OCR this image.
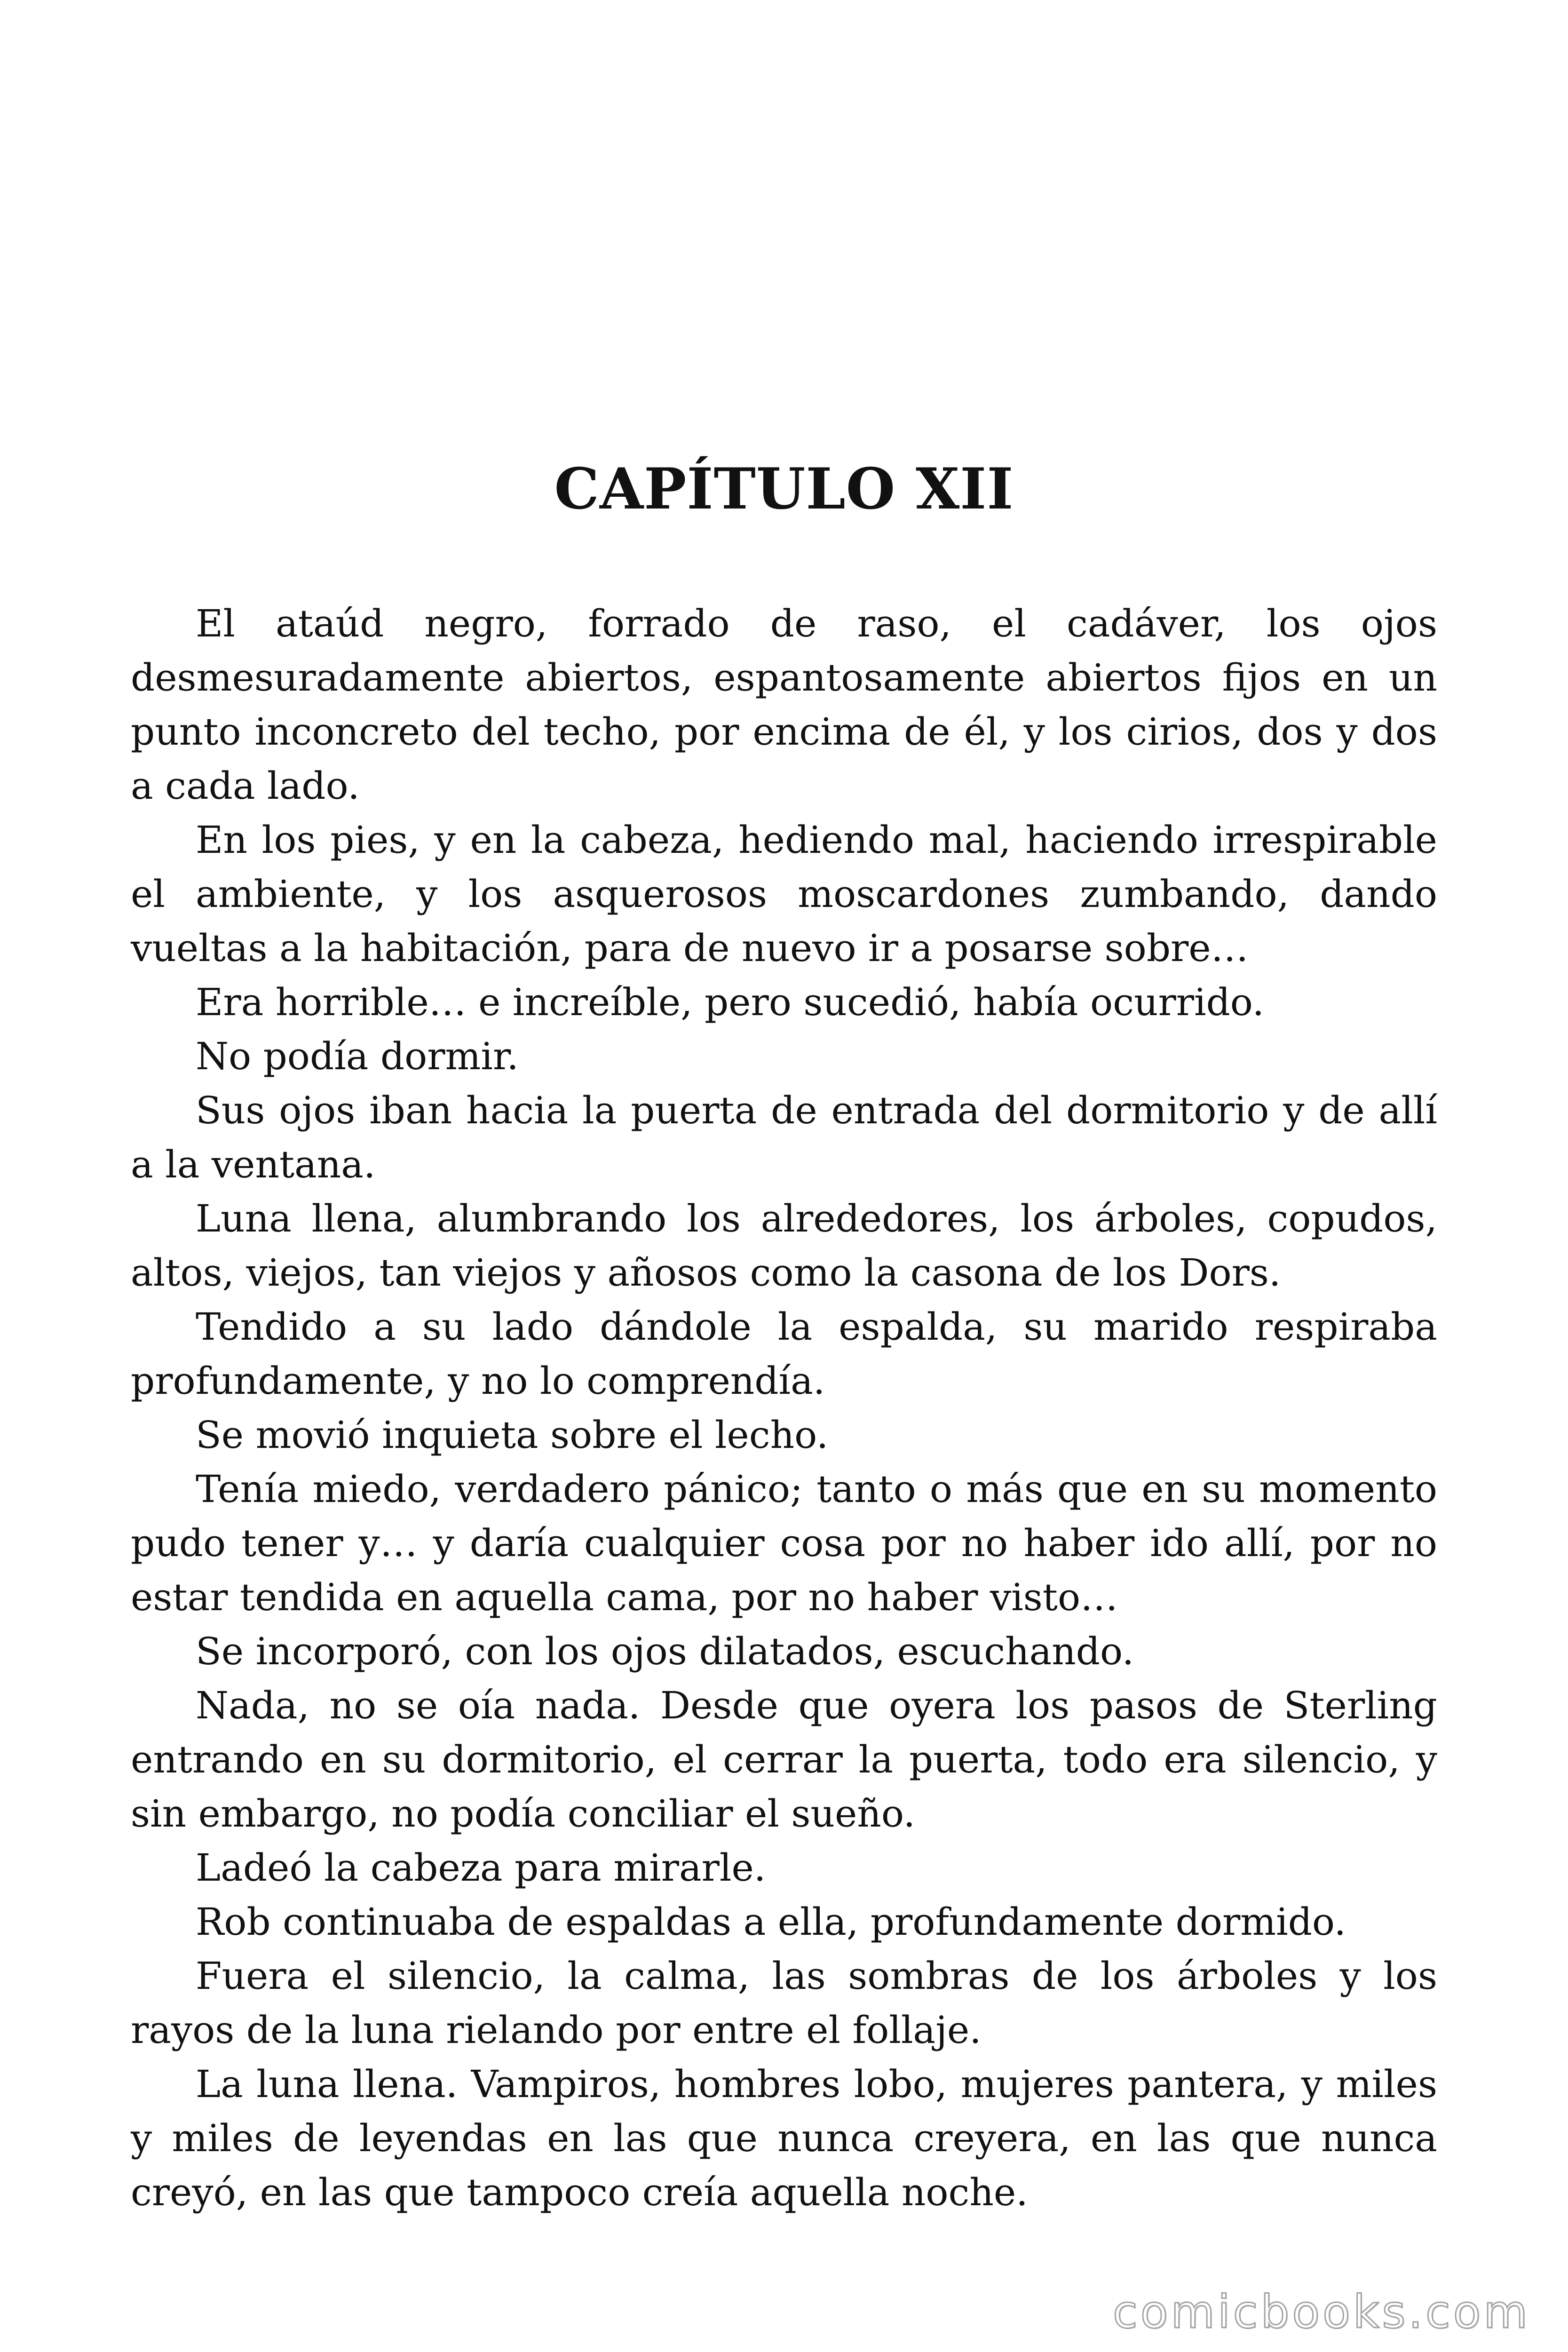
CAPÍTULO XII

El ataúd negro, forrado de raso, el cadáver, los ojos desmesuradamente abiertos, espantosamente abiertos fijos en un punto inconcreto del techo, por encima de él, y los cirios, dos y dos a cada lado.

En los pies, y en la cabeza, hediendo mal, haciendo irrespirable el ambiente, y los asquerosos moscardones zumbando, dando vueltas a la habitación, para de nuevo ir a posarse sobre…

Era horrible… e increíble, pero sucedió, había ocurrido.

No podía dormir.

Sus ojos iban hacia la puerta de entrada del dormitorio y de allí a la ventana.

Luna llena, alumbrando los alrededores, los árboles, copudos, altos, viejos, tan viejos y añosos como la casona de los Dors.

Tendido a su lado dándole la espalda, su marido respiraba profundamente, y no lo comprendía.

Se movió inquieta sobre el lecho.

Tenía miedo, verdadero pánico; tanto o más que en su momento pudo tener y… y daría cualquier cosa por no haber ido allí, por no estar tendida en aquella cama, por no haber visto…

Se incorporó, con los ojos dilatados, escuchando.

Nada, no se oía nada. Desde que oyera los pasos de Sterling entrando en su dormitorio, el cerrar la puerta, todo era silencio, y sin embargo, no podía conciliar el sueño.

Ladeó la cabeza para mirarle.

Rob continuaba de espaldas a ella, profundamente dormido.

Fuera el silencio, la calma, las sombras de los árboles y los rayos de la luna rielando por entre el follaje.

La luna llena. Vampiros, hombres lobo, mujeres pantera, y miles y miles de leyendas en las que nunca creyera, en las que nunca creyó, en las que tampoco creía aquella noche.

comicbooks.com
